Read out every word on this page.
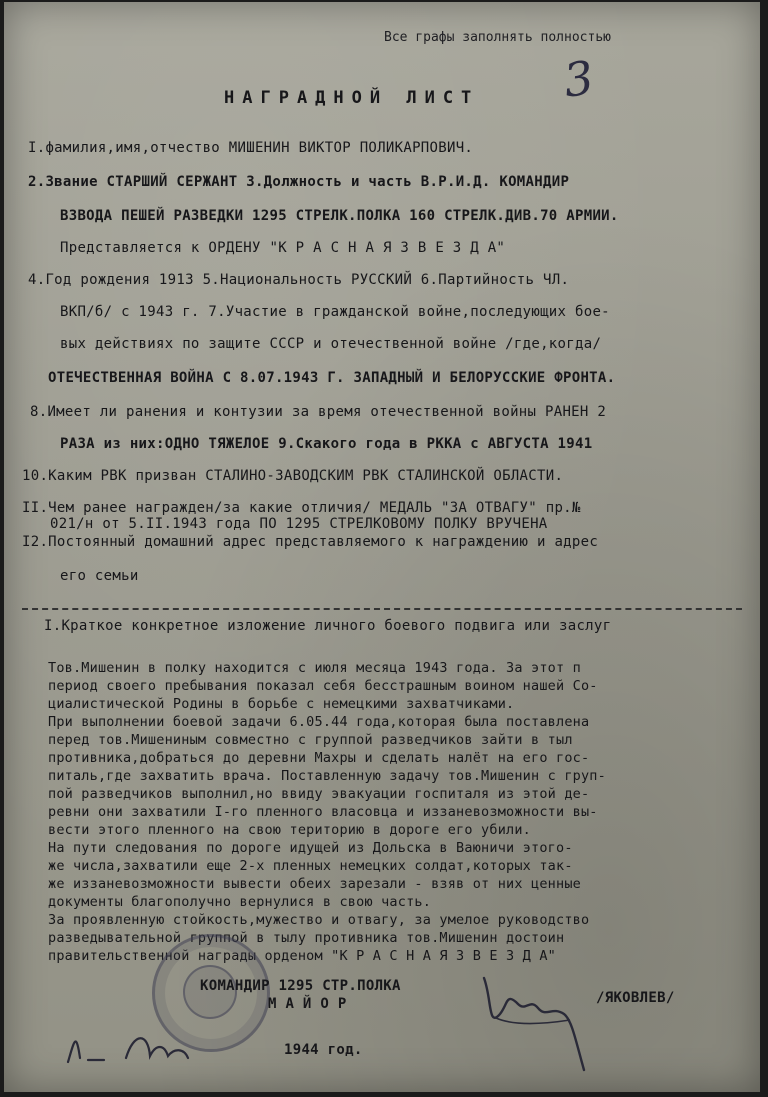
Все графы заполнять полностью
3
НАГРАДНОЙ ЛИСТ
I.фамилия,имя,отчество МИШЕНИН ВИКТОР ПОЛИКАРПОВИЧ.
2.Звание СТАРШИЙ СЕРЖАНТ 3.Должность и часть В.Р.И.Д. КОМАНДИР
ВЗВОДА ПЕШЕЙ РАЗВЕДКИ 1295 СТРЕЛК.ПОЛКА 160 СТРЕЛК.ДИВ.70 АРМИИ.
Представляется к ОРДЕНУ "К Р А С Н А Я З В Е З Д А"
4.Год рождения 1913 5.Национальность РУССКИЙ 6.Партийность ЧЛ.
ВКП/б/ с 1943 г. 7.Участие в гражданской войне,последующих бое-
вых действиях по защите СССР и отечественной войне /где,когда/
ОТЕЧЕСТВЕННАЯ ВОЙНА С 8.07.1943 Г. ЗАПАДНЫЙ И БЕЛОРУССКИЕ ФРОНТА.
8.Имеет ли ранения и контузии за время отечественной войны РАНЕН 2
РАЗА из них:ОДНО ТЯЖЕЛОЕ 9.Скакого года в РККА с АВГУСТА 1941
10.Каким РВК призван СТАЛИНО-ЗАВОДСКИМ РВК СТАЛИНСКОЙ ОБЛАСТИ.
II.Чем ранее награжден/за какие отличия/ МЕДАЛЬ "ЗА ОТВАГУ" пр.№
021/н от 5.II.1943 года ПО 1295 СТРЕЛКОВОМУ ПОЛКУ ВРУЧЕНА
I2.Постоянный домашний адрес представляемого к награждению и адрес
его семьи
I.Краткое конкретное изложение личного боевого подвига или заслуг
Тов.Мишенин в полку находится с июля месяца 1943 года. За этот п
период своего пребывания показал себя бесстрашным воином нашей Со-
циалистической Родины в борьбе с немецкими захватчиками.
При выполнении боевой задачи 6.05.44 года,которая была поставлена
перед тов.Мишениным совместно с группой разведчиков зайти в тыл
противника,добраться до деревни Махры и сделать налёт на его гос-
питаль,где захватить врача. Поставленную задачу тов.Мишенин с груп-
пой разведчиков выполнил,но ввиду эвакуации госпиталя из этой де-
ревни они захватили I-го пленного власовца и иззаневозможности вы-
вести этого пленного на свою територию в дороге его убили.
На пути следования по дороге идущей из Дольска в Ваюничи этого-
же числа,захватили еще 2-х пленных немецких солдат,которых так-
же иззаневозможности вывести обеих зарезали - взяв от них ценные
документы благополучно вернулися в свою часть.
За проявленную стойкость,мужество и отвагу, за умелое руководство
разведывательной группой в тылу противника тов.Мишенин достоин
правительственной награды орденом "К Р А С Н А Я З В Е З Д А"
КОМАНДИР 1295 СТР.ПОЛКА
М А Й О Р	/ЯКОВЛЕВ/
1944 год.
